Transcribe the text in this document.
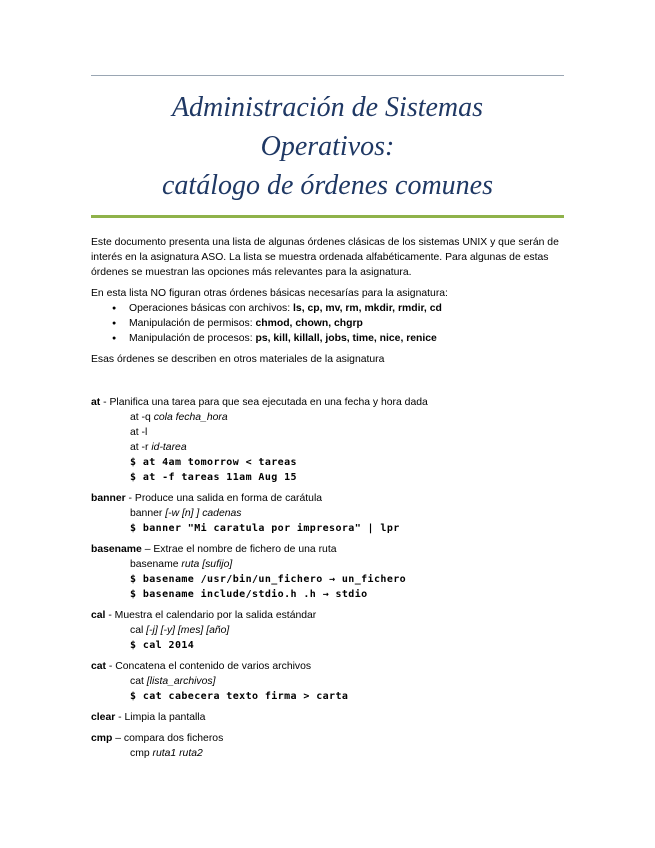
Administración de Sistemas
Operativos:
catálogo de órdenes comunes

Este documento presenta una lista de algunas órdenes clásicas de los sistemas UNIX y que serán de interés en la asignatura ASO. La lista se muestra ordenada alfabéticamente. Para algunas de estas órdenes se muestran las opciones más relevantes para la asignatura.

En esta lista NO figuran otras órdenes básicas necesarías para la asignatura:

● Operaciones básicas con archivos: ls, cp, mv, rm, mkdir, rmdir, cd
● Manipulación de permisos: chmod, chown, chgrp
● Manipulación de procesos: ps, kill, killall, jobs, time, nice, renice

Esas órdenes se describen en otros materiales de la asignatura

at - Planifica una tarea para que sea ejecutada en una fecha y hora dada
at -q cola fecha_hora
at -l
at -r id-tarea
$ at 4am tomorrow < tareas
$ at -f tareas 11am Aug 15
banner - Produce una salida en forma de carátula
banner [-w [n] ] cadenas
$ banner "Mi caratula por impresora" | lpr
basename – Extrae el nombre de fichero de una ruta
basename ruta [sufijo]
$ basename /usr/bin/un_fichero → un_fichero
$ basename include/stdio.h .h → stdio
cal - Muestra el calendario por la salida estándar
cal [-j] [-y] [mes] [año]
$ cal 2014
cat - Concatena el contenido de varios archivos
cat [lista_archivos]
$ cat cabecera texto firma > carta
clear - Limpia la pantalla
cmp – compara dos ficheros
cmp ruta1 ruta2
